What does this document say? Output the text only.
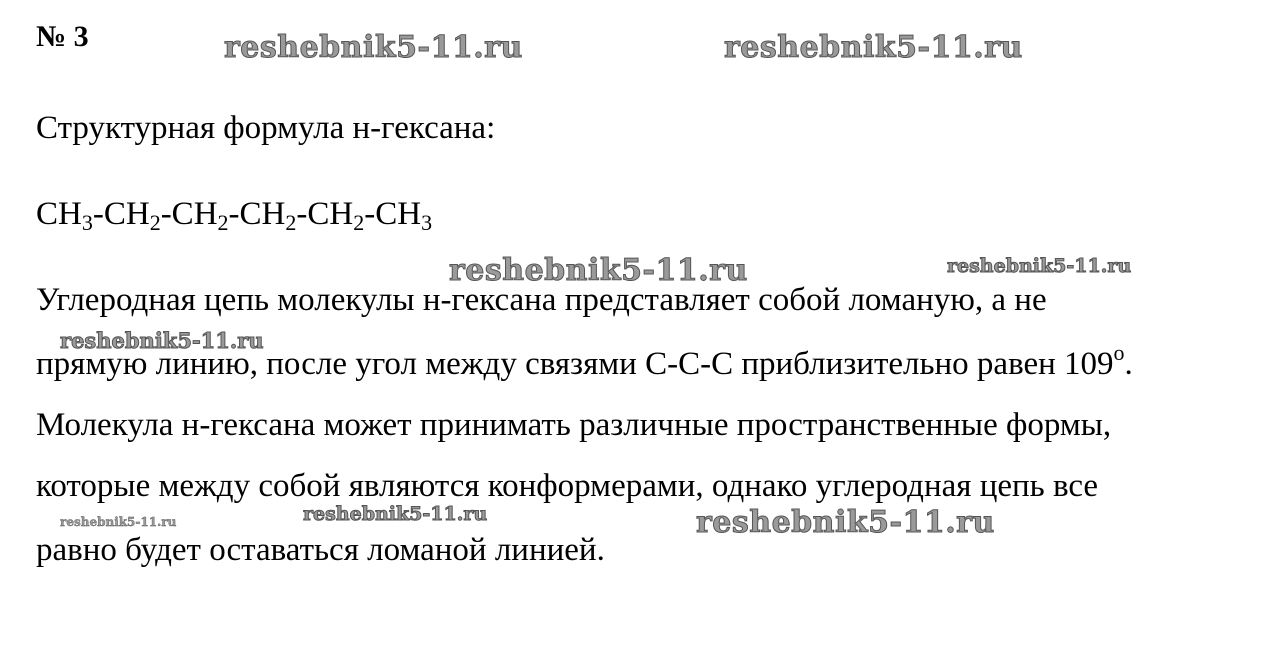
reshebnik5-11.ru	reshebnik5-11.ru
reshebnik5-11.ru	reshebnik5-11.ru
reshebnik5-11.ru
reshebnik5-11.ru	reshebnik5-11.ru	reshebnik5-11.ru
№ 3
Структурная формула н-гексана:
$CH_3-CH_2-CH_2-CH_2-CH_2-CH_3$
Углеродная цепь молекулы н-гексана представляет собой ломаную, а не
прямую линию, после угол между связями C-C-C приблизительно равен 109$^o$.
Молекула н-гексана может принимать различные пространственные формы,
которые между собой являются конформерами, однако углеродная цепь все
равно будет оставаться ломаной линией.
